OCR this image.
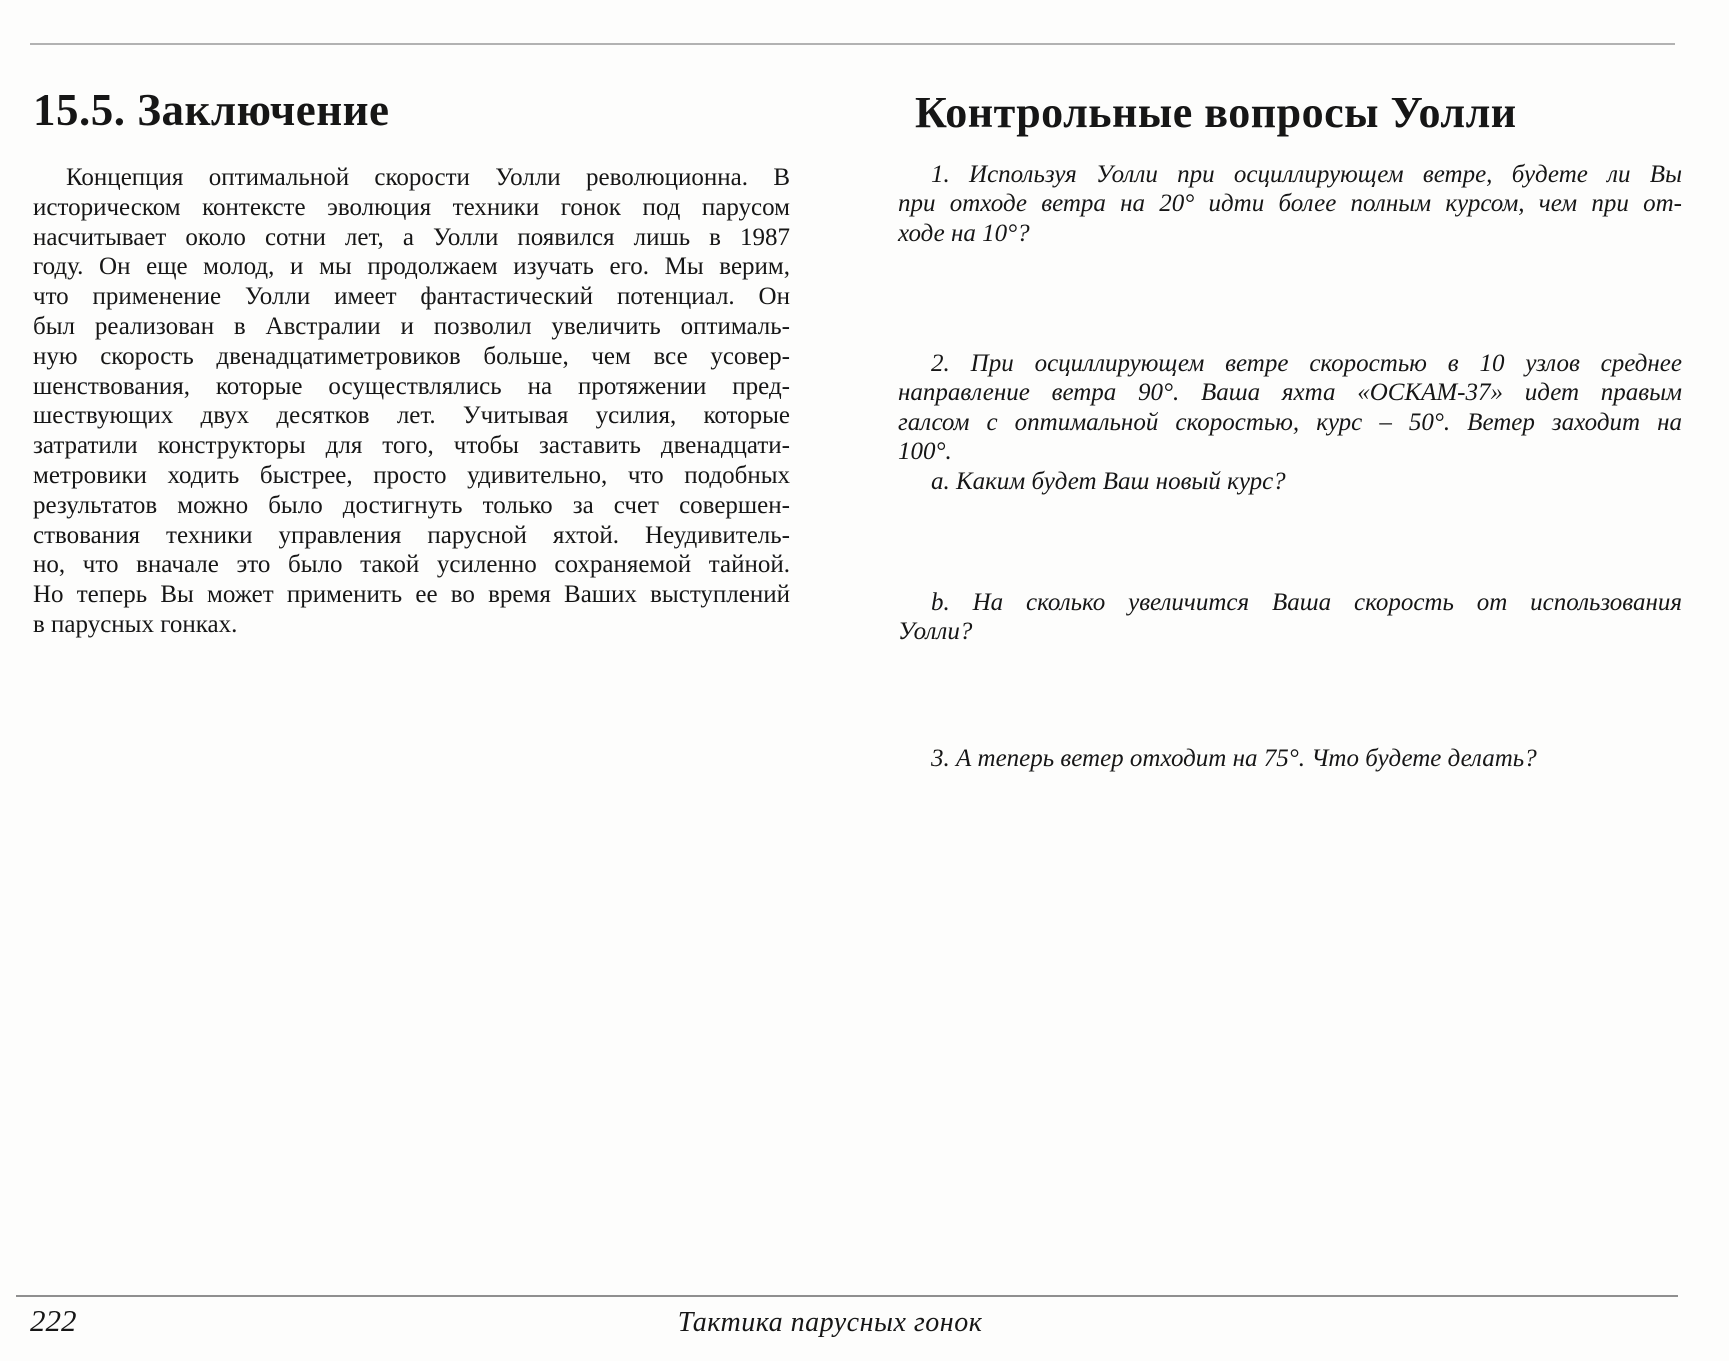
15.5. Заключение	Контрольные вопросы Уолли
Концепция оптимальной скорости Уолли революционна. В
историческом контексте эволюция техники гонок под парусом
насчитывает около сотни лет, а Уолли появился лишь в 1987
году. Он еще молод, и мы продолжаем изучать его. Мы верим,
что применение Уолли имеет фантастический потенциал. Он
был реализован в Австралии и позволил увеличить оптималь-
ную скорость двенадцатиметровиков больше, чем все усовер-
шенствования, которые осуществлялись на протяжении пред-
шествующих двух десятков лет. Учитывая усилия, которые
затратили конструкторы для того, чтобы заставить двенадцати-
метровики ходить быстрее, просто удивительно, что подобных
результатов можно было достигнуть только за счет совершен-
ствования техники управления парусной яхтой. Неудивитель-
но, что вначале это было такой усиленно сохраняемой тайной.
Но теперь Вы может применить ее во время Ваших выступлений
в парусных гонках.
1. Используя Уолли при осциллирующем ветре, будете ли Вы
при отходе ветра на 20° идти более полным курсом, чем при от-
ходе на 10°?
2. При осциллирующем ветре скоростью в 10 узлов среднее
направление ветра 90°. Ваша яхта «ОСКАМ-37» идет правым
галсом с оптимальной скоростью, курс – 50°. Ветер заходит на
100°.
а. Каким будет Ваш новый курс?
b. На сколько увеличится Ваша скорость от использования
Уолли?
3. А теперь ветер отходит на 75°. Что будете делать?
222	Тактика парусных гонок
